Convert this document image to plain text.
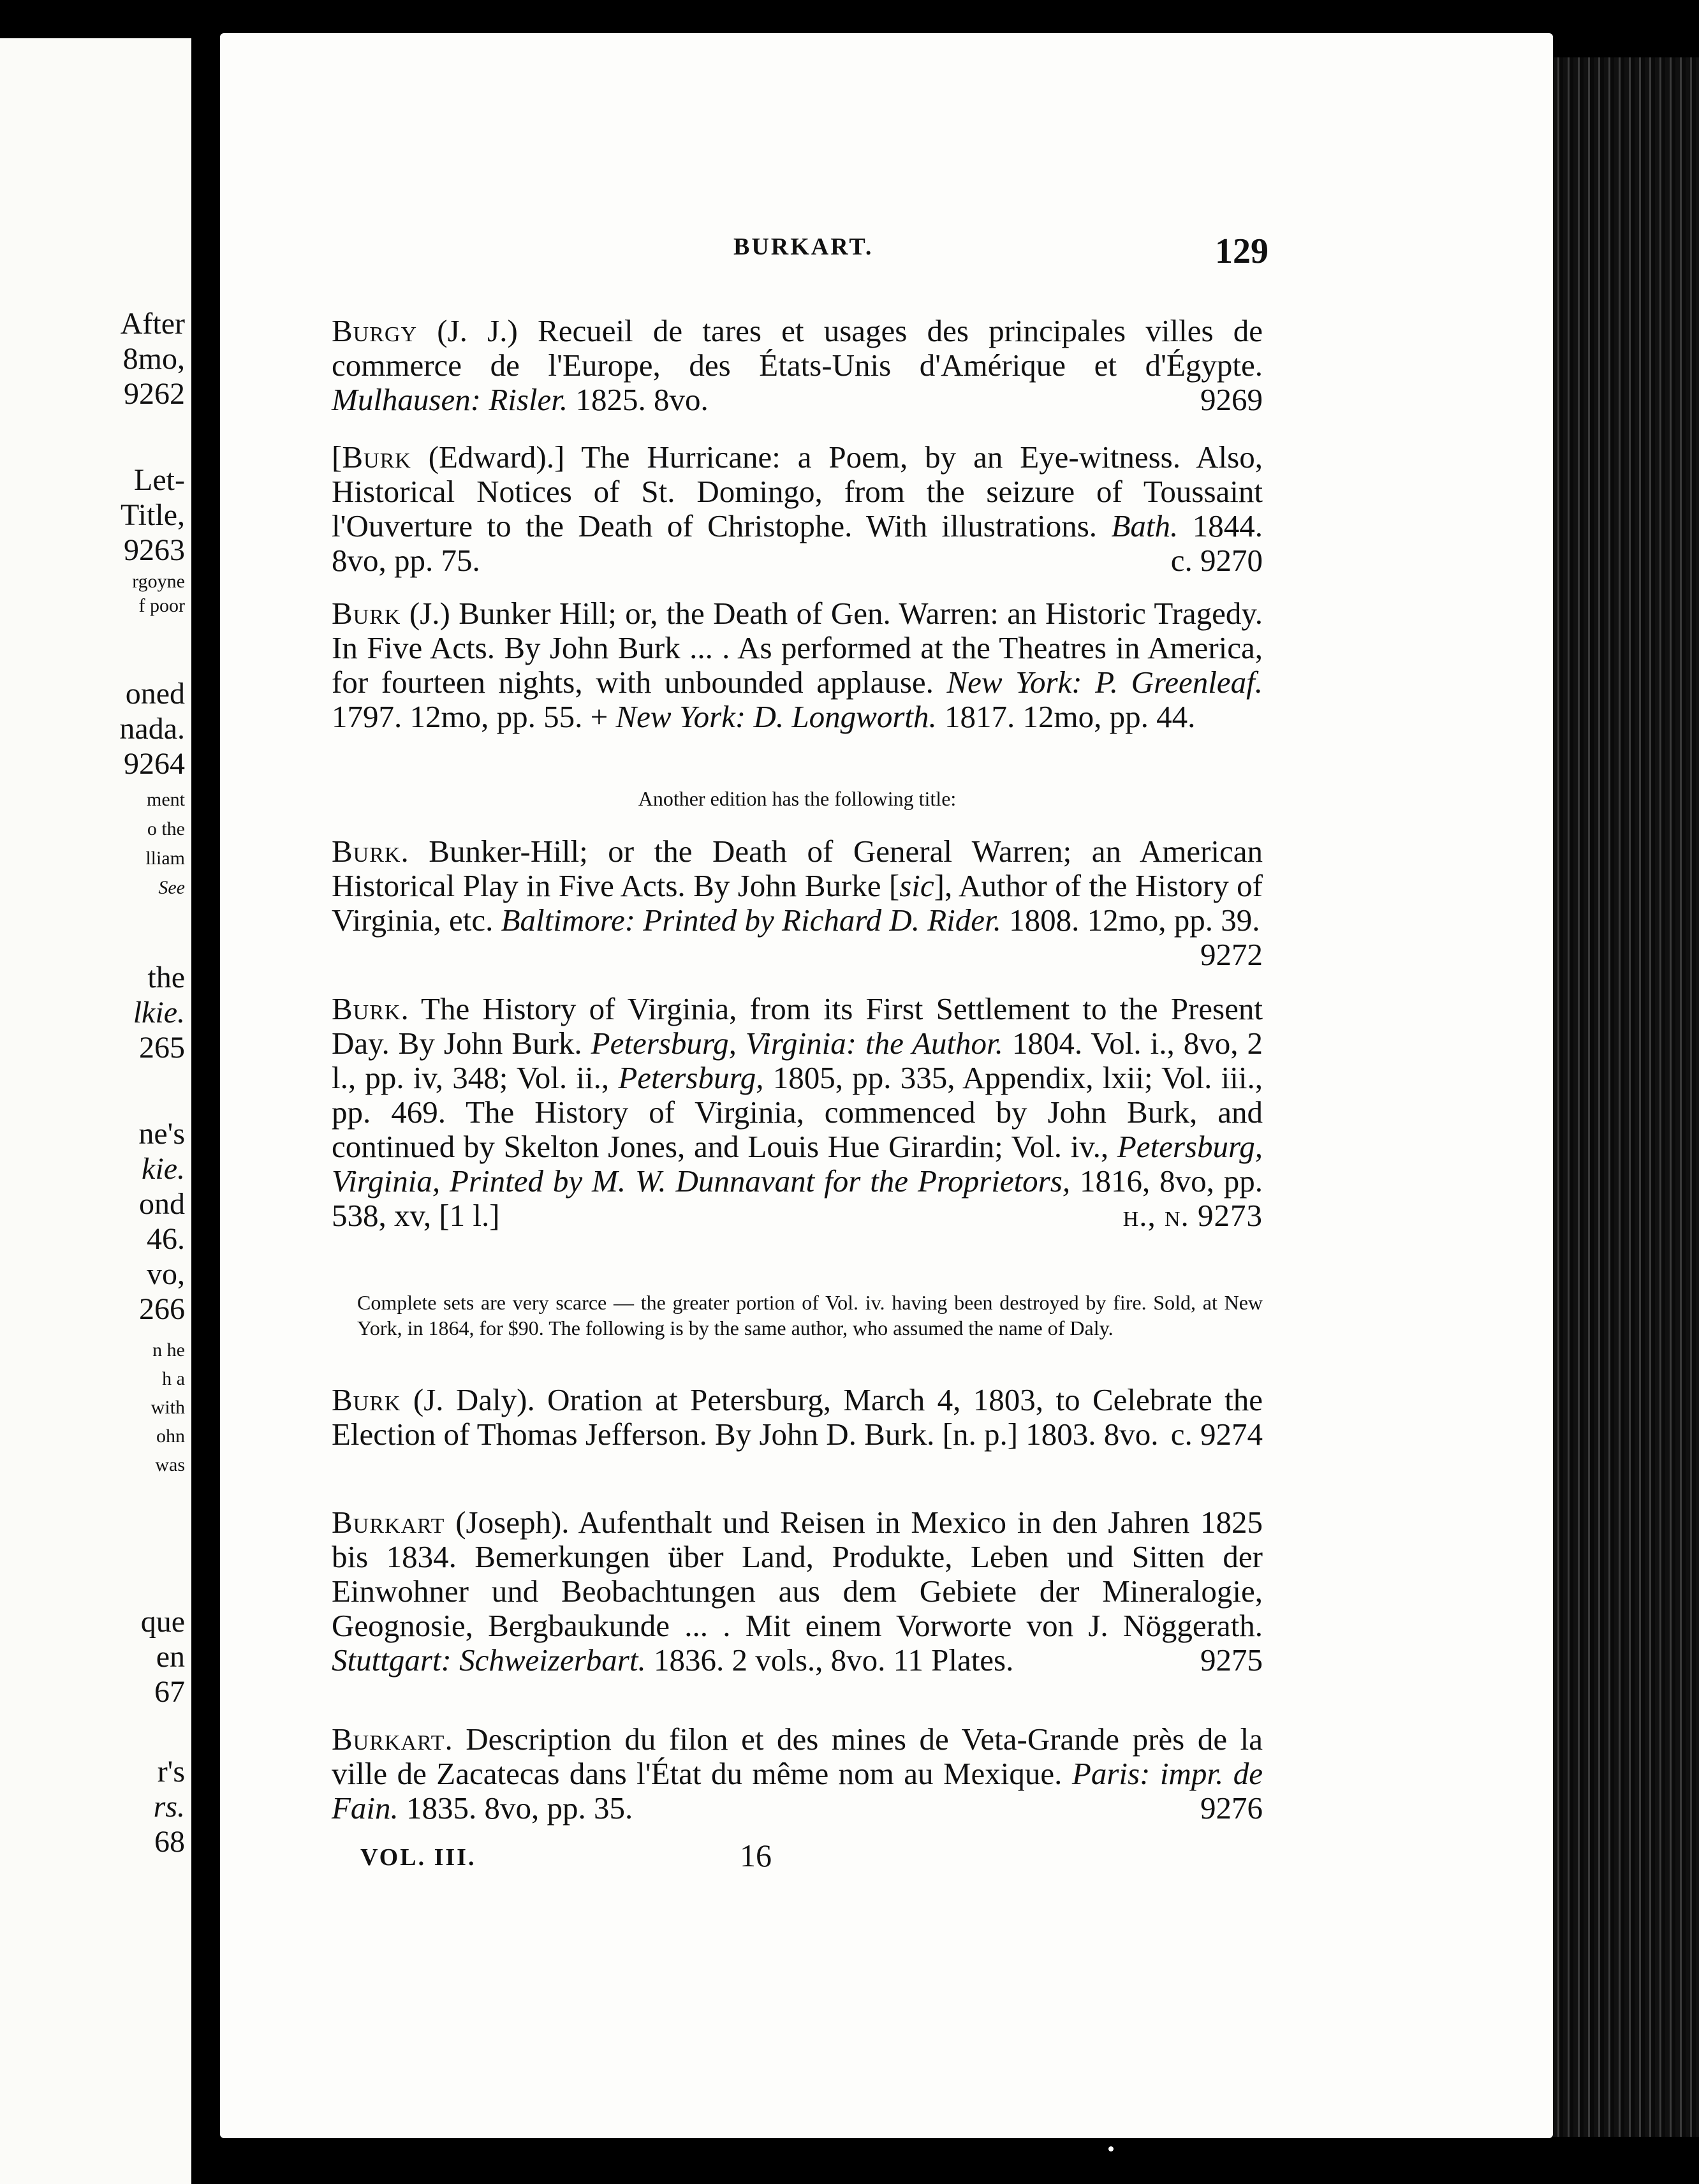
After
8mo,
9262
Let-
Title,
9263
rgoyne
f poor
oned
nada.
9264
ment
o the
lliam
See
the
lkie.
265
ne's
kie.
ond
46.
vo,
266
n he
h a
with
ohn
was
que
en
67
r's
rs.
68
BURKART.	129
Burgy (J. J.) Recueil de tares et usages des principales villes de commerce de l'Europe, des États-Unis d'Amérique et d'Égypte. Mulhausen: Risler. 1825. 8vo.	9269
[Burk (Edward).] The Hurricane: a Poem, by an Eye-witness. Also, Historical Notices of St. Domingo, from the seizure of Toussaint l'Ouverture to the Death of Christophe. With illustrations. Bath. 1844. 8vo, pp. 75.	c. 9270
Burk (J.) Bunker Hill; or, the Death of Gen. Warren: an Historic Tragedy. In Five Acts. By John Burk ... . As performed at the Theatres in America, for fourteen nights, with unbounded applause. New York: P. Greenleaf. 1797. 12mo, pp. 55. + New York: D. Longworth. 1817. 12mo, pp. 44.
Another edition has the following title:
Burk. Bunker-Hill; or the Death of General Warren; an American Historical Play in Five Acts. By John Burke [sic], Author of the History of Virginia, etc. Baltimore: Printed by Richard D. Rider. 1808. 12mo, pp. 39.
9272
Burk. The History of Virginia, from its First Settlement to the Present Day. By John Burk. Petersburg, Virginia: the Author. 1804. Vol. i., 8vo, 2 l., pp. iv, 348; Vol. ii., Petersburg, 1805, pp. 335, Appendix, lxii; Vol. iii., pp. 469. The History of Virginia, commenced by John Burk, and continued by Skelton Jones, and Louis Hue Girardin; Vol. iv., Petersburg, Virginia, Printed by M. W. Dunnavant for the Proprietors, 1816, 8vo, pp. 538, xv, [1 l.]	h., n. 9273
Complete sets are very scarce — the greater portion of Vol. iv. having been destroyed by fire. Sold, at New York, in 1864, for $90. The following is by the same author, who assumed the name of Daly.
Burk (J. Daly). Oration at Petersburg, March 4, 1803, to Celebrate the Election of Thomas Jefferson. By John D. Burk. [n. p.] 1803. 8vo. c. 9274
Burkart (Joseph). Aufenthalt und Reisen in Mexico in den Jahren 1825 bis 1834. Bemerkungen über Land, Produkte, Leben und Sitten der Einwohner und Beobachtungen aus dem Gebiete der Mineralogie, Geognosie, Bergbaukunde ... . Mit einem Vorworte von J. Nöggerath. Stuttgart: Schweizerbart. 1836. 2 vols., 8vo. 11 Plates.	9275
Burkart. Description du filon et des mines de Veta-Grande près de la ville de Zacatecas dans l'État du même nom au Mexique. Paris: impr. de Fain. 1835. 8vo, pp. 35.	9276
VOL. III.	16
